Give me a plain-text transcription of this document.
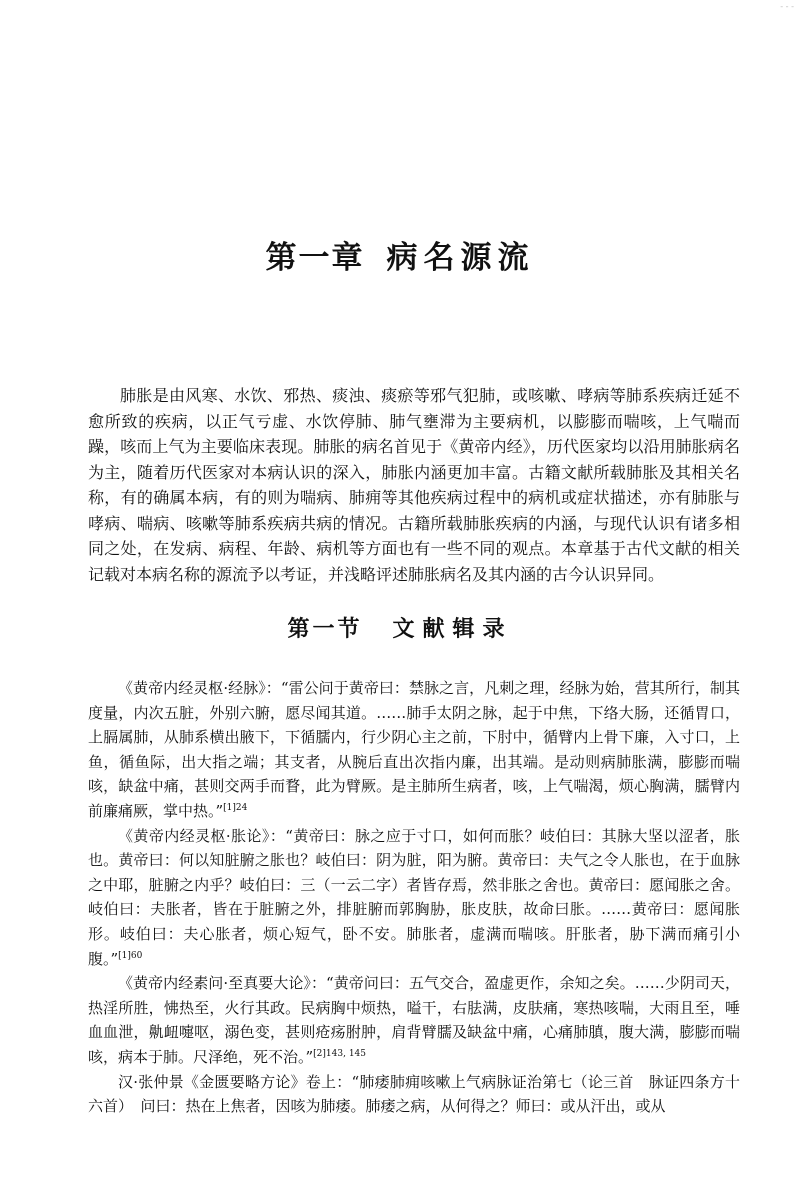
- - -
第一章 病名源流

肺胀是由风寒、水饮、邪热、痰浊、痰瘀等邪气犯肺，或咳嗽、哮病等肺系疾病迁延不愈所致的疾病，以正气亏虚、水饮停肺、肺气壅滞为主要病机，以膨膨而喘咳，上气喘而躁，咳而上气为主要临床表现。肺胀的病名首见于《黄帝内经》，历代医家均以沿用肺胀病名为主，随着历代医家对本病认识的深入，肺胀内涵更加丰富。古籍文献所载肺胀及其相关名称，有的确属本病，有的则为喘病、肺痈等其他疾病过程中的病机或症状描述，亦有肺胀与哮病、喘病、咳嗽等肺系疾病共病的情况。古籍所载肺胀疾病的内涵，与现代认识有诸多相同之处，在发病、病程、年龄、病机等方面也有一些不同的观点。本章基于古代文献的相关记载对本病名称的源流予以考证，并浅略评述肺胀病名及其内涵的古今认识异同。

第一节 文献辑录

《黄帝内经灵枢·经脉》：“雷公问于黄帝曰：禁脉之言，凡刺之理，经脉为始，营其所行，制其度量，内次五脏，外别六腑，愿尽闻其道。……肺手太阴之脉，起于中焦，下络大肠，还循胃口，上膈属肺，从肺系横出腋下，下循臑内，行少阴心主之前，下肘中，循臂内上骨下廉，入寸口，上鱼，循鱼际，出大指之端；其支者，从腕后直出次指内廉，出其端。是动则病肺胀满，膨膨而喘咳，缺盆中痛，甚则交两手而瞀，此为臂厥。是主肺所生病者，咳，上气喘渴，烦心胸满，臑臂内前廉痛厥，掌中热。”$^{[1]24}$

《黄帝内经灵枢·胀论》：“黄帝曰：脉之应于寸口，如何而胀？岐伯曰：其脉大坚以涩者，胀也。黄帝曰：何以知脏腑之胀也？岐伯曰：阴为脏，阳为腑。黄帝曰：夫气之令人胀也，在于血脉之中耶，脏腑之内乎？岐伯曰：三（一云二字）者皆存焉，然非胀之舍也。黄帝曰：愿闻胀之舍。岐伯曰：夫胀者，皆在于脏腑之外，排脏腑而郭胸胁，胀皮肤，故命曰胀。……黄帝曰：愿闻胀形。岐伯曰：夫心胀者，烦心短气，卧不安。肺胀者，虚满而喘咳。肝胀者，胁下满而痛引小腹。”$^{[1]60}$

《黄帝内经素问·至真要大论》：“黄帝问曰：五气交合，盈虚更作，余知之矣。……少阴司天，热淫所胜，怫热至，火行其政。民病胸中烦热，嗌干，右胠满，皮肤痛，寒热咳喘，大雨且至，唾血血泄，鼽衄嚏呕，溺色变，甚则疮疡胕肿，肩背臂臑及缺盆中痛，心痛肺䐜，腹大满，膨膨而喘咳，病本于肺。尺泽绝，死不治。”$^{[2]143, 145}$

汉·张仲景《金匮要略方论》卷上：“肺痿肺痈咳嗽上气病脉证治第七（论三首　脉证四条方十六首）　问曰：热在上焦者，因咳为肺痿。肺痿之病，从何得之？师曰：或从汗出，或从
